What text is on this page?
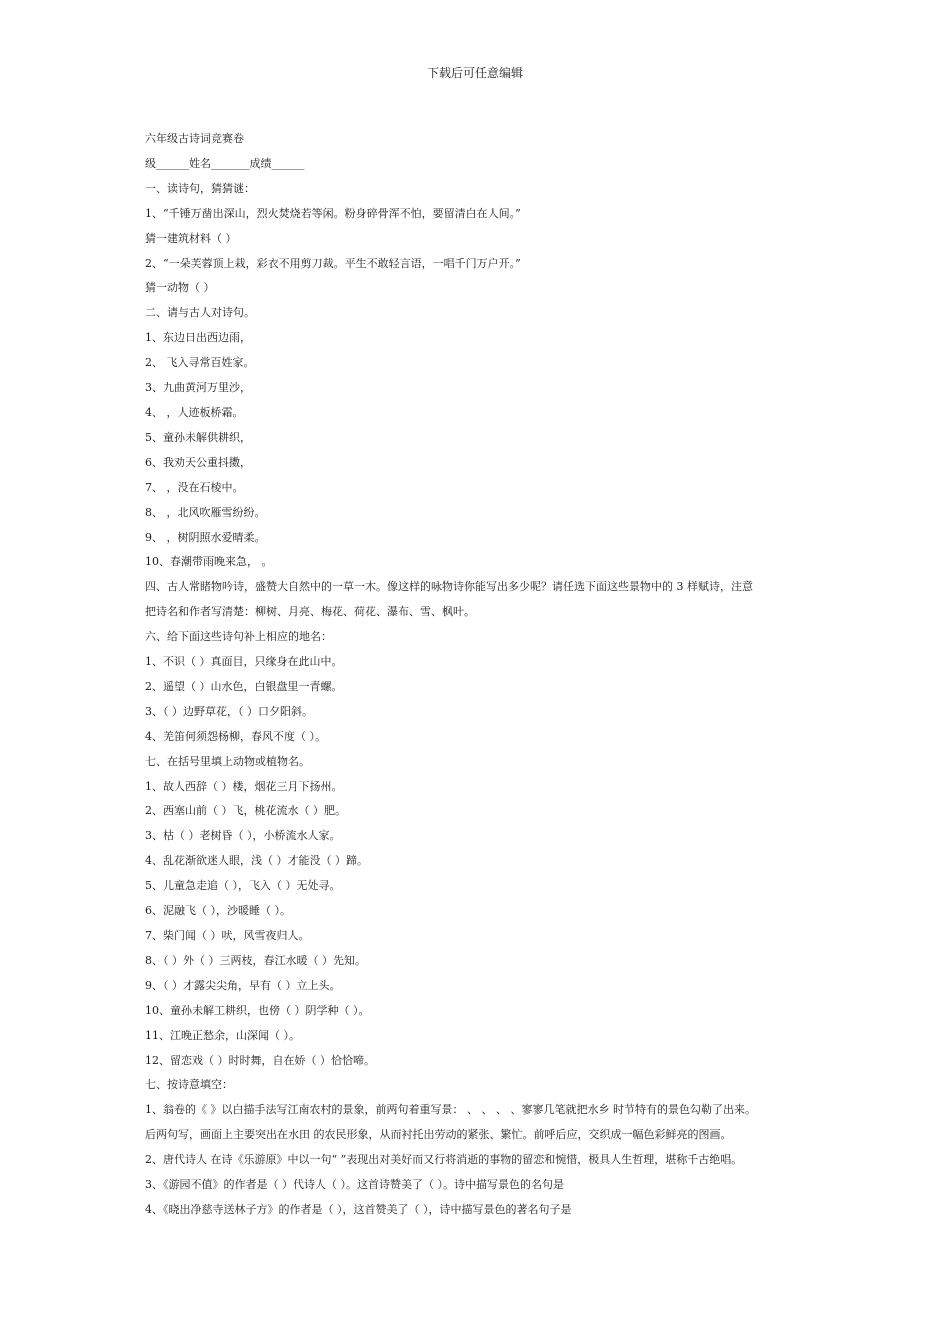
下载后可任意编辑
六年级古诗词竞赛卷
级______姓名_______成绩______
一、读诗句，猜猜谜：
1、“千锤万凿出深山，烈火焚烧若等闲。粉身碎骨浑不怕，要留清白在人间。”
猜一建筑材料（ ）
2、“一朵芙蓉顶上栽，彩衣不用剪刀裁。平生不敢轻言语，一唱千门万户开。”
猜一动物（ ）
二、请与古人对诗句。
1、东边日出西边雨，
2、 飞入寻常百姓家。
3、九曲黄河万里沙，
4、 ，人迹板桥霜。
5、童孙未解供耕织，
6、我劝天公重抖擞，
7、 ，没在石棱中。
8、 ，北风吹雁雪纷纷。
9、 ，树阴照水爱晴柔。
10、春潮带雨晚来急， 。
四、古人常睹物吟诗，盛赞大自然中的一草一木。像这样的咏物诗你能写出多少呢？请任选下面这些景物中的 3 样赋诗，注意
把诗名和作者写清楚：柳树、月亮、梅花、荷花、瀑布、雪、枫叶。
六、给下面这些诗句补上相应的地名：
1、不识（ ）真面目，只缘身在此山中。
2、遥望（ ）山水色，白银盘里一青螺。
3、（ ）边野草花，（ ）口夕阳斜。
4、羌笛何须怨杨柳，春风不度（ ）。
七、在括号里填上动物或植物名。
1、故人西辞（ ）楼，烟花三月下扬州。
2、西塞山前（ ）飞，桃花流水（ ）肥。
3、枯（ ）老树昏（ ），小桥流水人家。
4、乱花渐欲迷人眼，浅（ ）才能没（ ）蹄。
5、儿童急走追（ ），飞入（ ）无处寻。
6、泥融飞（ ），沙暖睡（ ）。
7、柴门闻（ ）吠，风雪夜归人。
8、（ ）外（ ）三两枝，春江水暖（ ）先知。
9、（ ）才露尖尖角，早有（ ）立上头。
10、童孙未解工耕织，也傍（ ）阴学种（ ）。
11、江晚正愁余，山深闻（ ）。
12、留恋戏（ ）时时舞，自在娇（ ）恰恰啼。
七、按诗意填空：
1、翁卷的《 》以白描手法写江南农村的景象，前两句着重写景： 、 、 、 、寥寥几笔就把水乡 时节特有的景色勾勒了出来。
后两句写，画面上主要突出在水田 的农民形象，从而衬托出劳动的紧张、繁忙。前呼后应，交织成一幅色彩鲜亮的图画。
2、唐代诗人 在诗《乐游原》中以一句“ ”表现出对美好而又行将消逝的事物的留恋和惋惜，极具人生哲理，堪称千古绝唱。
3、《游园不值》的作者是（ ）代诗人（ ）。这首诗赞美了（ ）。诗中描写景色的名句是
4、《晓出净慈寺送林子方》的作者是（ ），这首赞美了（ ），诗中描写景色的著名句子是
